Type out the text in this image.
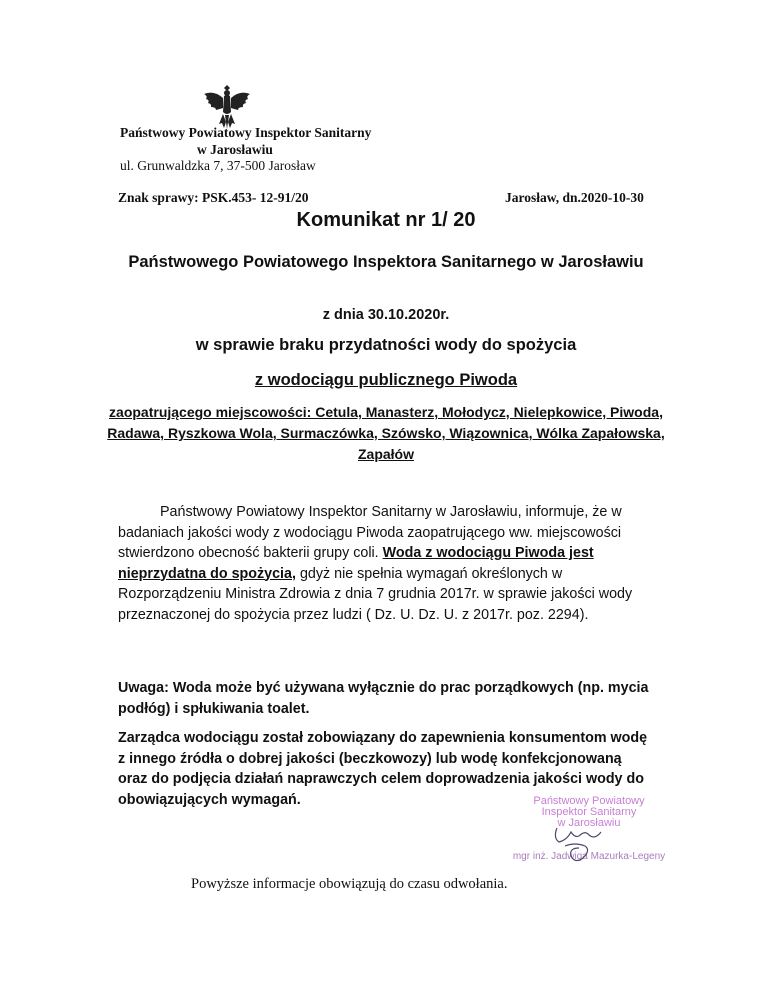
Państwowy Powiatowy Inspektor Sanitarny
w Jarosławiu
ul. Grunwaldzka 7, 37-500 Jarosław
Znak sprawy: PSK.453- 12-91/20	Jarosław, dn.2020-10-30
Komunikat nr 1/ 20
Państwowego Powiatowego Inspektora Sanitarnego w Jarosławiu
z dnia 30.10.2020r.
w sprawie braku przydatności wody do spożycia
z wodociągu publicznego Piwoda
zaopatrującego miejscowości: Cetula, Manasterz, Mołodycz, Nielepkowice, Piwoda, Radawa, Ryszkowa Wola, Surmaczówka, Szówsko, Wiązownica, Wólka Zapałowska, Zapałów
Państwowy Powiatowy Inspektor Sanitarny w Jarosławiu, informuje, że w badaniach jakości wody z wodociągu Piwoda zaopatrującego ww. miejscowości stwierdzono obecność bakterii grupy coli. Woda z wodociągu Piwoda jest nieprzydatna do spożycia, gdyż nie spełnia wymagań określonych w Rozporządzeniu Ministra Zdrowia z dnia 7 grudnia 2017r. w sprawie jakości wody przeznaczonej do spożycia przez ludzi ( Dz. U. Dz. U. z 2017r. poz. 2294).
Uwaga: Woda może być używana wyłącznie do prac porządkowych (np. mycia podłóg) i spłukiwania toalet.
Zarządca wodociągu został zobowiązany do zapewnienia konsumentom wodę z innego źródła o dobrej jakości (beczkowozy) lub wodę konfekcjonowaną oraz do podjęcia działań naprawczych celem doprowadzenia jakości wody do obowiązujących wymagań.	Państwowy Powiatowy
Inspektor Sanitarny
w Jarosławiu
mgr inż. Jadwiga Mazurka-Legeny
Powyższe informacje obowiązują do czasu odwołania.
